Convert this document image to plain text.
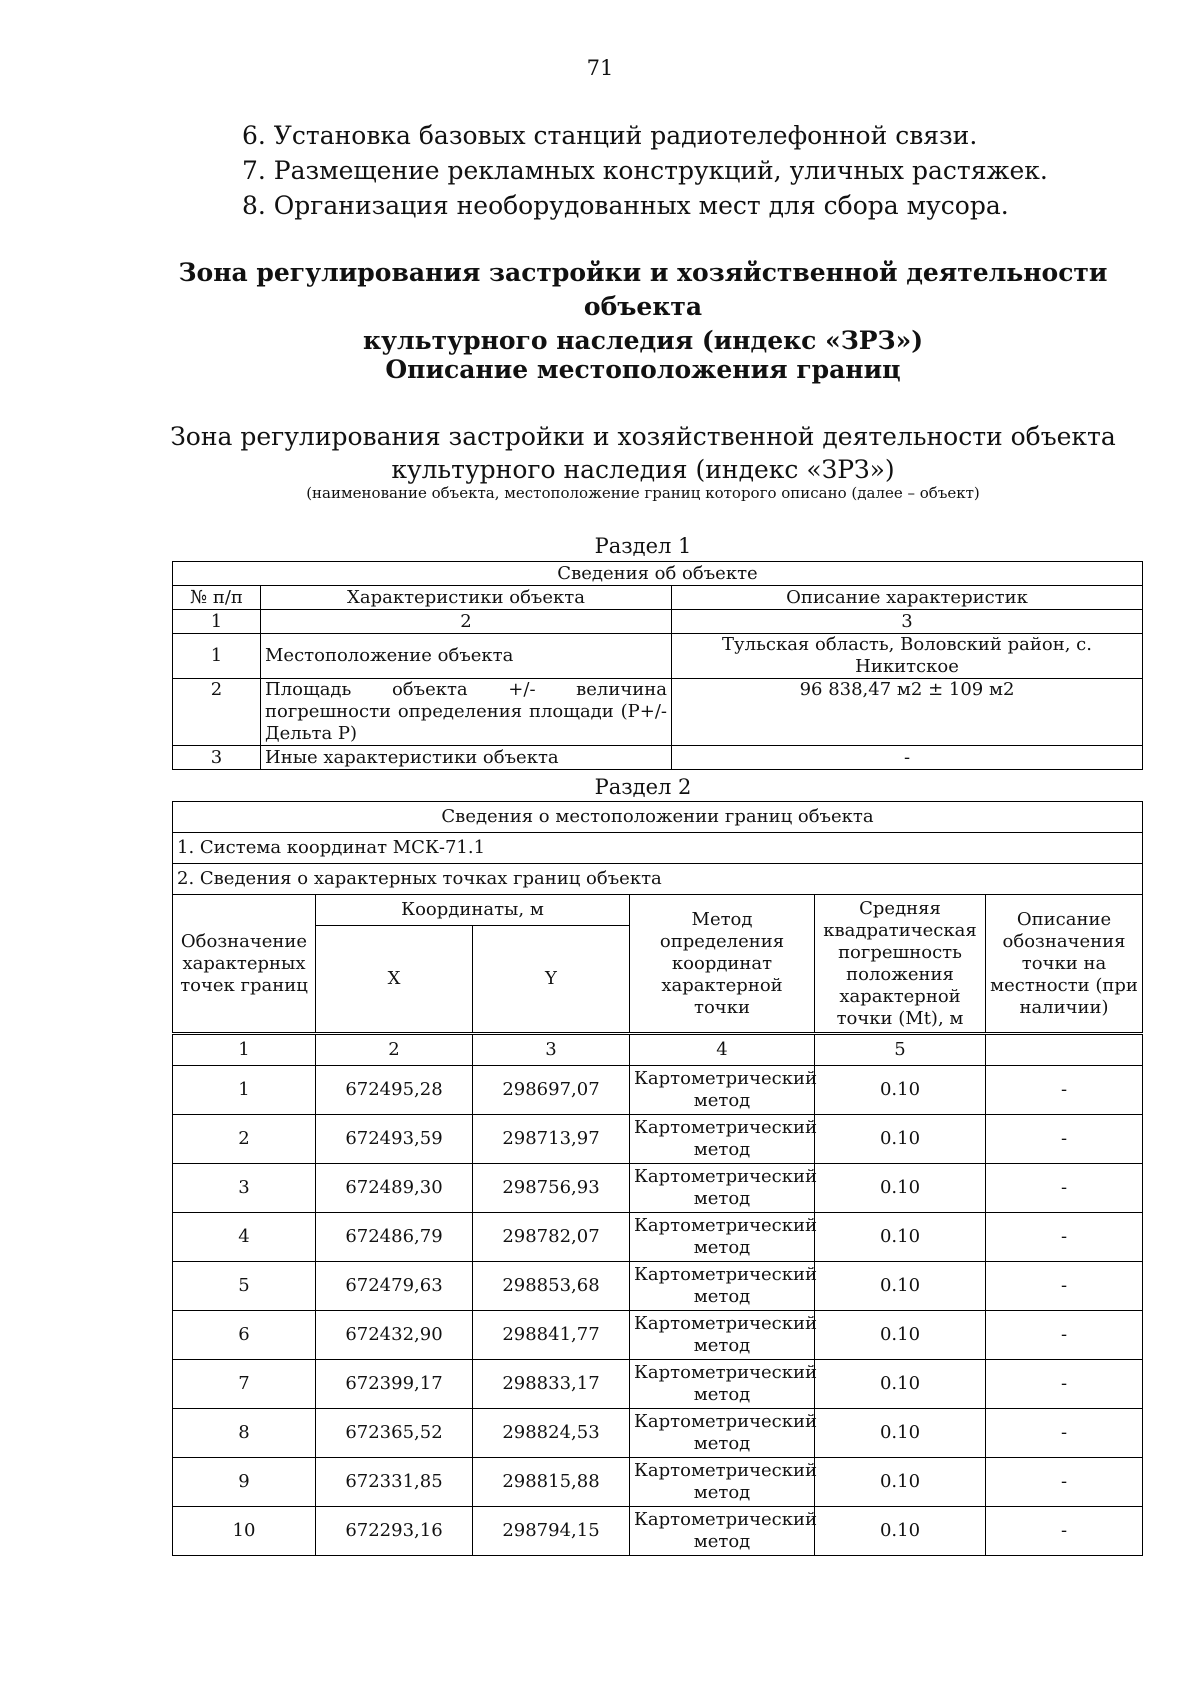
71
6. Установка базовых станций радиотелефонной связи.
7. Размещение рекламных конструкций, уличных растяжек.
8. Организация необорудованных мест для сбора мусора.
Зона регулирования застройки и хозяйственной деятельности объекта
культурного наследия (индекс «ЗРЗ»)
Описание местоположения границ
Зона регулирования застройки и хозяйственной деятельности объекта
культурного наследия (индекс «ЗРЗ»)
(наименование объекта, местоположение границ которого описано (далее – объект)
Раздел 1
Сведения об объекте		
№ п/п	Характеристики объекта	Описание характеристик
1	2	3
1	Местоположение объекта	Тульская область, Воловский район, с. Никитское
2	Площадь объекта +/- величина погрешности определения площади (Р+/- Дельта Р)	96 838,47 м2 ± 109 м2
3	Иные характеристики объекта	-
Раздел 2
Сведения о местоположении границ объекта					
1. Система координат МСК-71.1					
2. Сведения о характерных точках границ объекта					
Обозначение характерных точек границ	Координаты, м		Метод определения координат характерной точки	Средняя квадратическая погрешность положения характерной точки (Mt), м	Описание обозначения точки на местности (при наличии)
	X	Y			
1	2	3	4	5	
1	672495,28	298697,07	Картометрический метод	0.10	-
2	672493,59	298713,97	Картометрический метод	0.10	-
3	672489,30	298756,93	Картометрический метод	0.10	-
4	672486,79	298782,07	Картометрический метод	0.10	-
5	672479,63	298853,68	Картометрический метод	0.10	-
6	672432,90	298841,77	Картометрический метод	0.10	-
7	672399,17	298833,17	Картометрический метод	0.10	-
8	672365,52	298824,53	Картометрический метод	0.10	-
9	672331,85	298815,88	Картометрический метод	0.10	-
10	672293,16	298794,15	Картометрический метод	0.10	-
